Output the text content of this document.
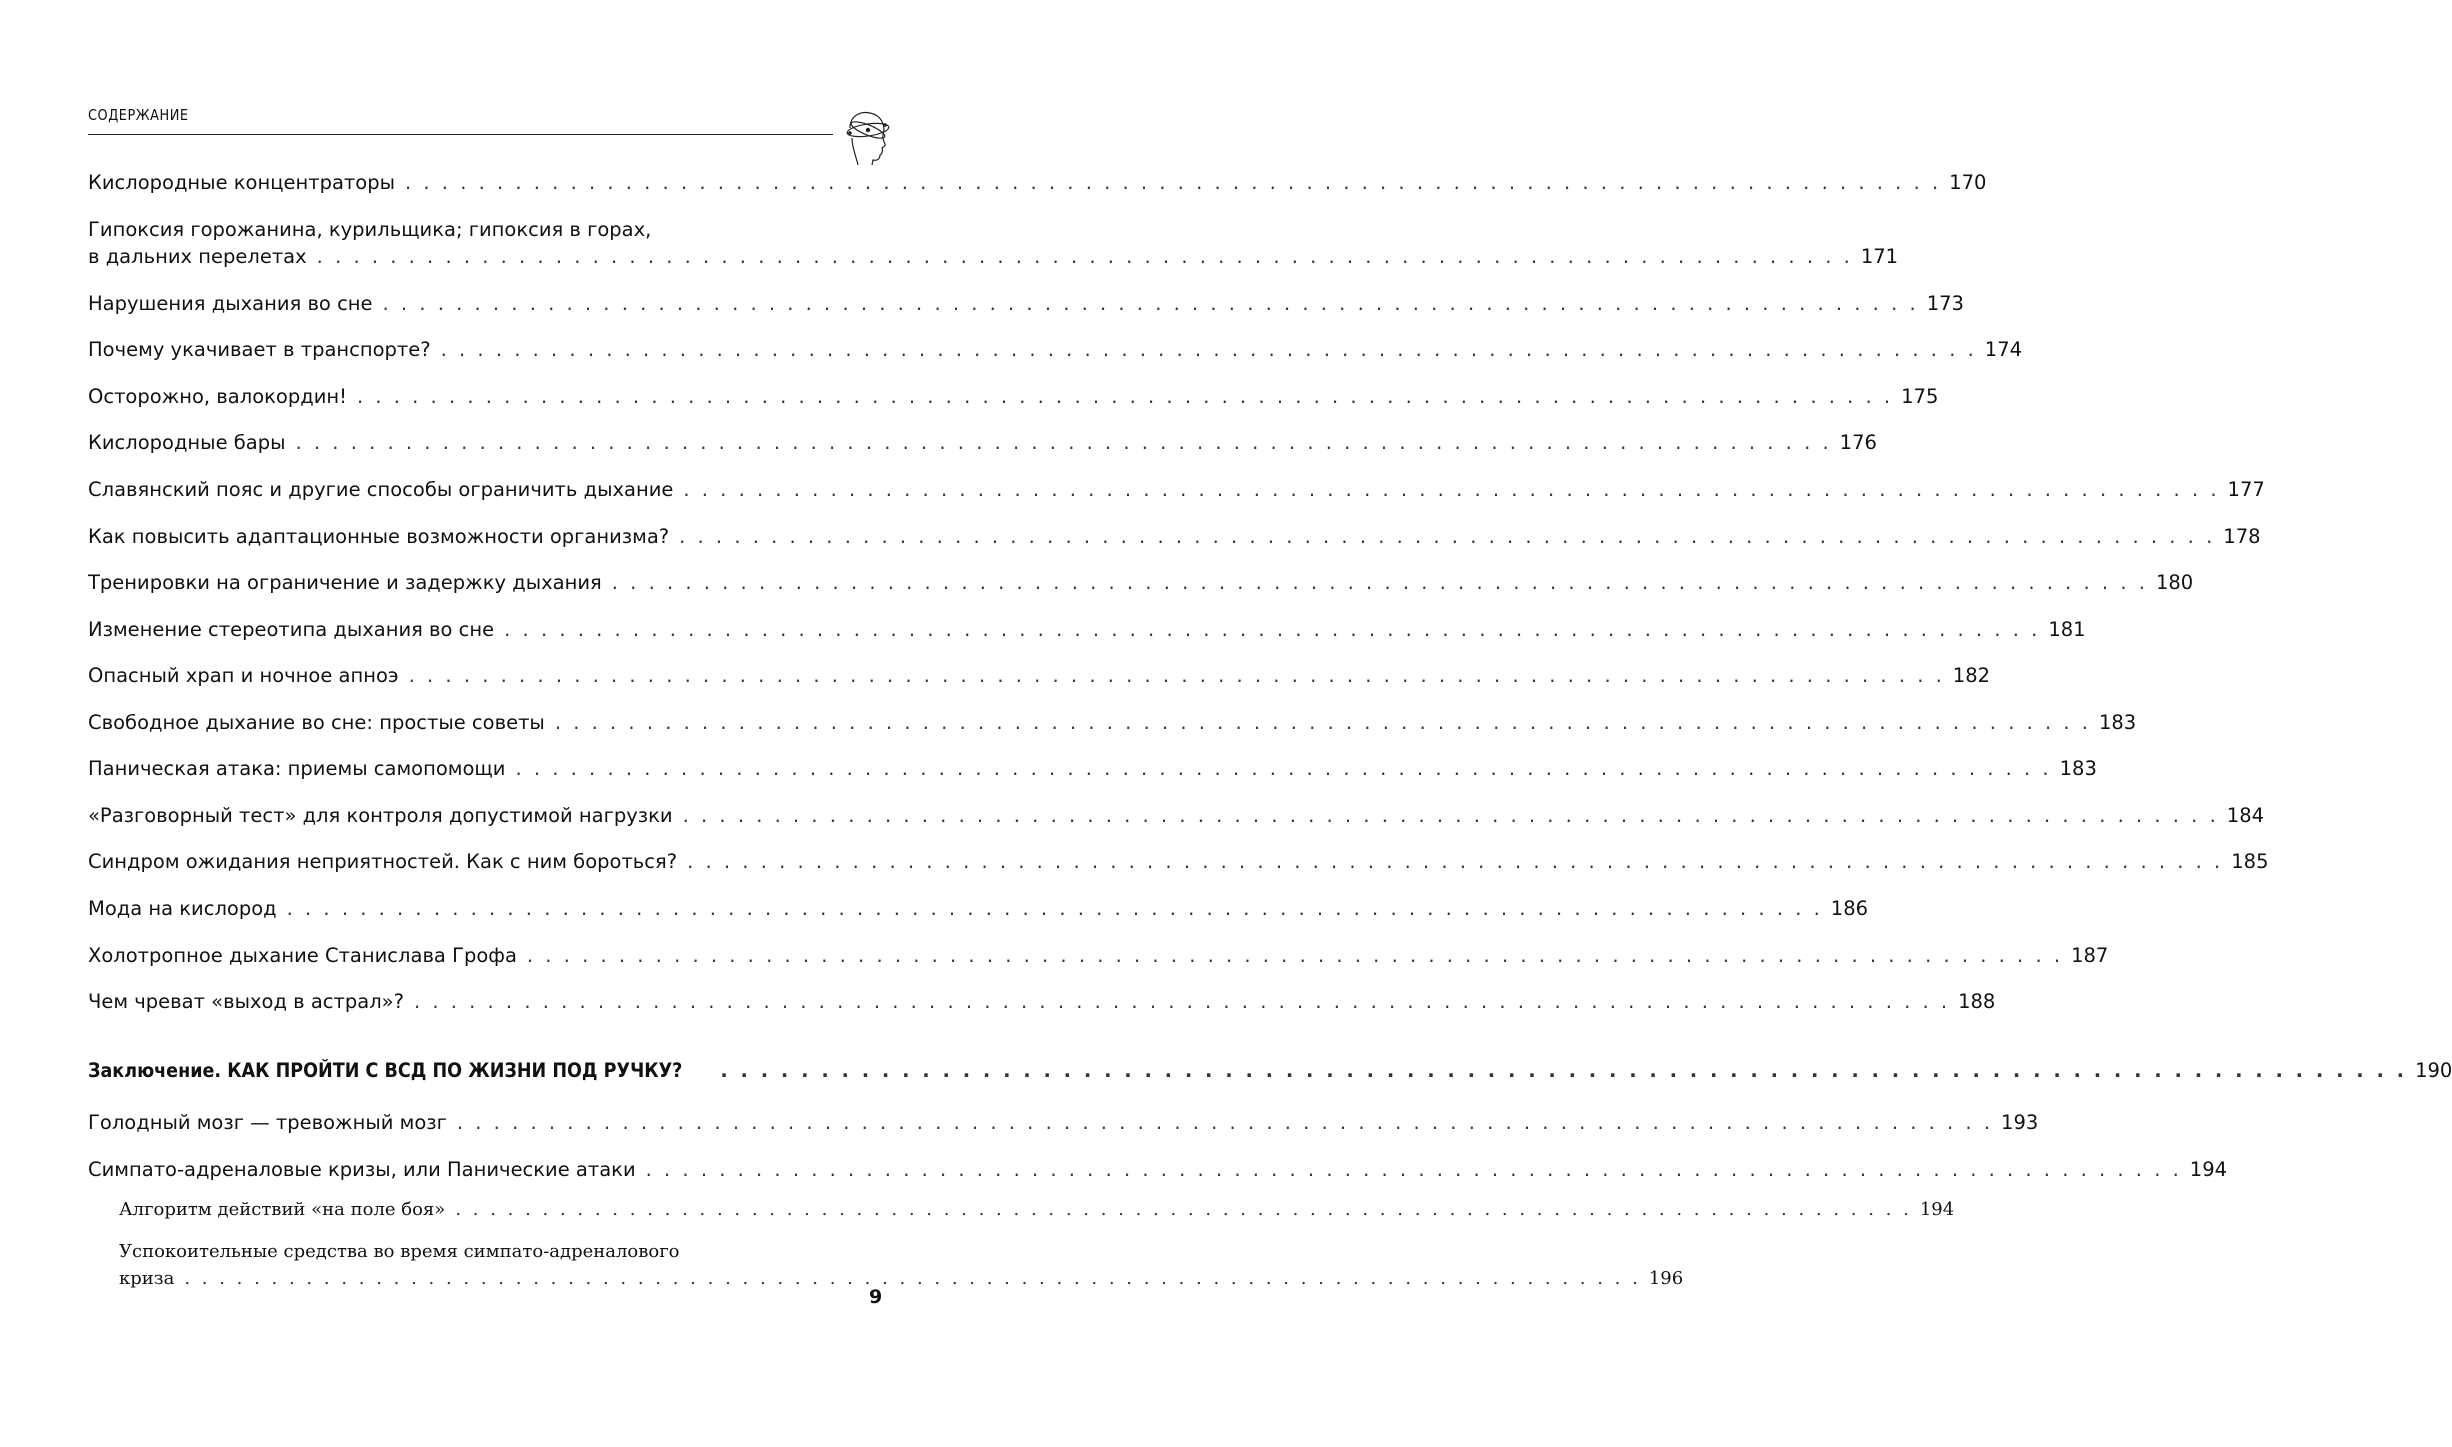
СОДЕРЖАНИЕ
Кислородные концентраторы . . . . . . . . . . . . . . . . . . . . . . . . . . . . . . . . . . . . . . . . . . . . . . . . . . . . . . . . . . . . . . . . . . . . . . . . . . . . . . . . . . . . 170
Гипоксия горожанина, курильщика; гипоксия в горах,
в дальних перелетах . . . . . . . . . . . . . . . . . . . . . . . . . . . . . . . . . . . . . . . . . . . . . . . . . . . . . . . . . . . . . . . . . . . . . . . . . . . . . . . . . . . . 171
Нарушения дыхания во сне . . . . . . . . . . . . . . . . . . . . . . . . . . . . . . . . . . . . . . . . . . . . . . . . . . . . . . . . . . . . . . . . . . . . . . . . . . . . . . . . . . . . 173
Почему укачивает в транспорте? . . . . . . . . . . . . . . . . . . . . . . . . . . . . . . . . . . . . . . . . . . . . . . . . . . . . . . . . . . . . . . . . . . . . . . . . . . . . . . . . . . . . 174
Осторожно, валокордин! . . . . . . . . . . . . . . . . . . . . . . . . . . . . . . . . . . . . . . . . . . . . . . . . . . . . . . . . . . . . . . . . . . . . . . . . . . . . . . . . . . . . 175
Кислородные бары . . . . . . . . . . . . . . . . . . . . . . . . . . . . . . . . . . . . . . . . . . . . . . . . . . . . . . . . . . . . . . . . . . . . . . . . . . . . . . . . . . . . 176
Славянский пояс и другие способы ограничить дыхание . . . . . . . . . . . . . . . . . . . . . . . . . . . . . . . . . . . . . . . . . . . . . . . . . . . . . . . . . . . . . . . . . . . . . . . . . . . . . . . . . . . . 177
Как повысить адаптационные возможности организма? . . . . . . . . . . . . . . . . . . . . . . . . . . . . . . . . . . . . . . . . . . . . . . . . . . . . . . . . . . . . . . . . . . . . . . . . . . . . . . . . . . . . 178
Тренировки на ограничение и задержку дыхания . . . . . . . . . . . . . . . . . . . . . . . . . . . . . . . . . . . . . . . . . . . . . . . . . . . . . . . . . . . . . . . . . . . . . . . . . . . . . . . . . . . . 180
Изменение стереотипа дыхания во сне . . . . . . . . . . . . . . . . . . . . . . . . . . . . . . . . . . . . . . . . . . . . . . . . . . . . . . . . . . . . . . . . . . . . . . . . . . . . . . . . . . . . 181
Опасный храп и ночное апноэ . . . . . . . . . . . . . . . . . . . . . . . . . . . . . . . . . . . . . . . . . . . . . . . . . . . . . . . . . . . . . . . . . . . . . . . . . . . . . . . . . . . . 182
Свободное дыхание во сне: простые советы . . . . . . . . . . . . . . . . . . . . . . . . . . . . . . . . . . . . . . . . . . . . . . . . . . . . . . . . . . . . . . . . . . . . . . . . . . . . . . . . . . . . 183
Паническая атака: приемы самопомощи . . . . . . . . . . . . . . . . . . . . . . . . . . . . . . . . . . . . . . . . . . . . . . . . . . . . . . . . . . . . . . . . . . . . . . . . . . . . . . . . . . . . 183
«Разговорный тест» для контроля допустимой нагрузки . . . . . . . . . . . . . . . . . . . . . . . . . . . . . . . . . . . . . . . . . . . . . . . . . . . . . . . . . . . . . . . . . . . . . . . . . . . . . . . . . . . . 184
Синдром ожидания неприятностей. Как с ним бороться? . . . . . . . . . . . . . . . . . . . . . . . . . . . . . . . . . . . . . . . . . . . . . . . . . . . . . . . . . . . . . . . . . . . . . . . . . . . . . . . . . . . . 185
Мода на кислород . . . . . . . . . . . . . . . . . . . . . . . . . . . . . . . . . . . . . . . . . . . . . . . . . . . . . . . . . . . . . . . . . . . . . . . . . . . . . . . . . . . . 186
Холотропное дыхание Станислава Грофа . . . . . . . . . . . . . . . . . . . . . . . . . . . . . . . . . . . . . . . . . . . . . . . . . . . . . . . . . . . . . . . . . . . . . . . . . . . . . . . . . . . . 187
Чем чреват «выход в астрал»? . . . . . . . . . . . . . . . . . . . . . . . . . . . . . . . . . . . . . . . . . . . . . . . . . . . . . . . . . . . . . . . . . . . . . . . . . . . . . . . . . . . . 188
Заключение. КАК ПРОЙТИ С ВСД ПО ЖИЗНИ ПОД РУЧКУ?	. . . . . . . . . . . . . . . . . . . . . . . . . . . . . . . . . . . . . . . . . . . . . . . . . . . . . . . . . . . . . . . . . . . . . . . . . . . . . . . . . . . . 190
Голодный мозг — тревожный мозг . . . . . . . . . . . . . . . . . . . . . . . . . . . . . . . . . . . . . . . . . . . . . . . . . . . . . . . . . . . . . . . . . . . . . . . . . . . . . . . . . . . . 193
Симпато-адреналовые кризы, или Панические атаки . . . . . . . . . . . . . . . . . . . . . . . . . . . . . . . . . . . . . . . . . . . . . . . . . . . . . . . . . . . . . . . . . . . . . . . . . . . . . . . . . . . . 194
Алгоритм действий «на поле боя» . . . . . . . . . . . . . . . . . . . . . . . . . . . . . . . . . . . . . . . . . . . . . . . . . . . . . . . . . . . . . . . . . . . . . . . . . . . . . . . . . . . . 194
Успокоительные средства во время симпато-адреналового
криза . . . . . . . . . . . . . . . . . . . . . . . . . . . . . . . . . . . . . . . . . . . . . . . . . . . . . . . . . . . . . . . . . . . . . . . . . . . . . . . . . . . . 196
9
